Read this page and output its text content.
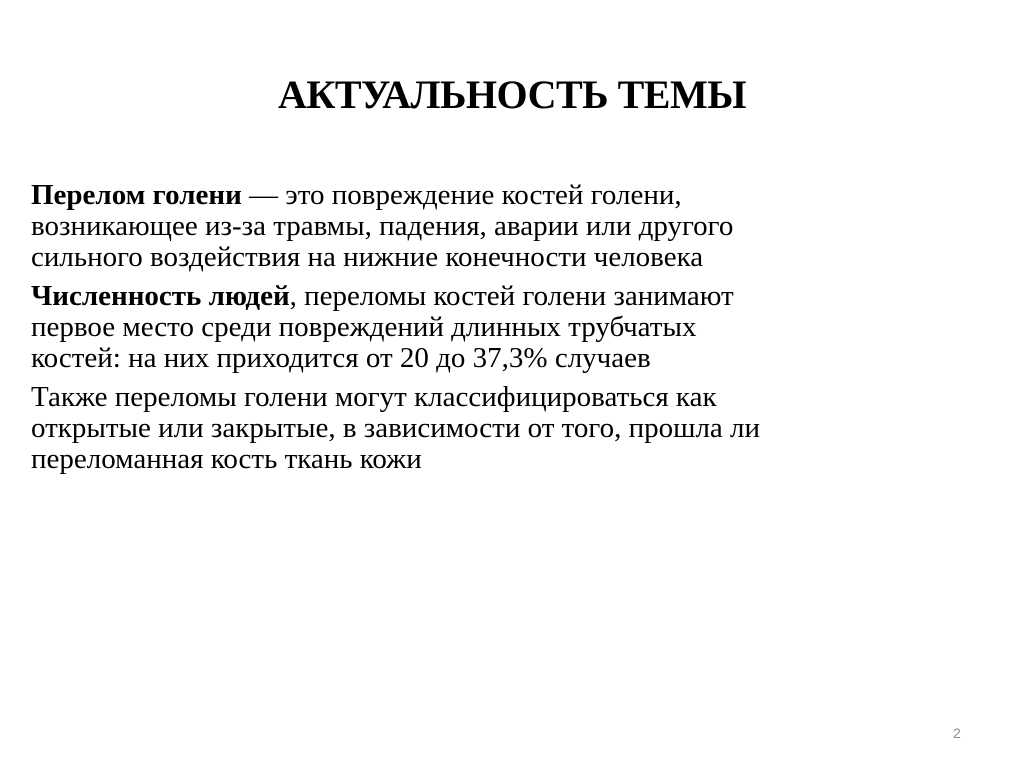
АКТУАЛЬНОСТЬ ТЕМЫ

Перелом голени — это повреждение костей голени, возникающее из-за травмы, падения, аварии или другого сильного воздействия на нижние конечности человека

Численность людей, переломы костей голени занимают первое место среди повреждений длинных трубчатых костей: на них приходится от 20 до 37,3% случаев

Также переломы голени могут классифицироваться как открытые или закрытые, в зависимости от того, прошла ли переломанная кость ткань кожи

2
